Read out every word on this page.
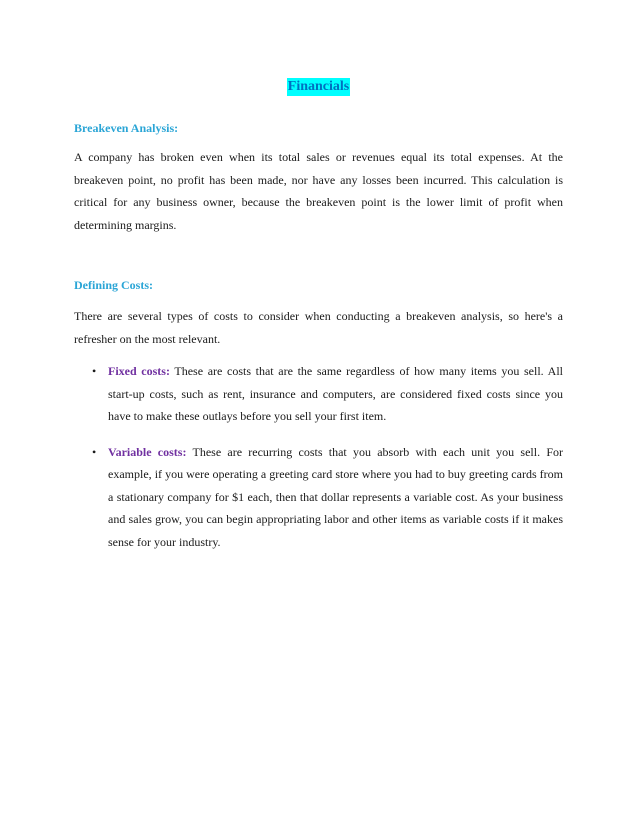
Financials
Breakeven Analysis:

A company has broken even when its total sales or revenues equal its total expenses. At the breakeven point, no profit has been made, nor have any losses been incurred. This calculation is critical for any business owner, because the breakeven point is the lower limit of profit when determining margins.

Defining Costs:

There are several types of costs to consider when conducting a breakeven analysis, so here's a refresher on the most relevant.

• Fixed costs: These are costs that are the same regardless of how many items you sell. All start-up costs, such as rent, insurance and computers, are considered fixed costs since you have to make these outlays before you sell your first item.
• Variable costs: These are recurring costs that you absorb with each unit you sell. For example, if you were operating a greeting card store where you had to buy greeting cards from a stationary company for $1 each, then that dollar represents a variable cost. As your business and sales grow, you can begin appropriating labor and other items as variable costs if it makes sense for your industry.
